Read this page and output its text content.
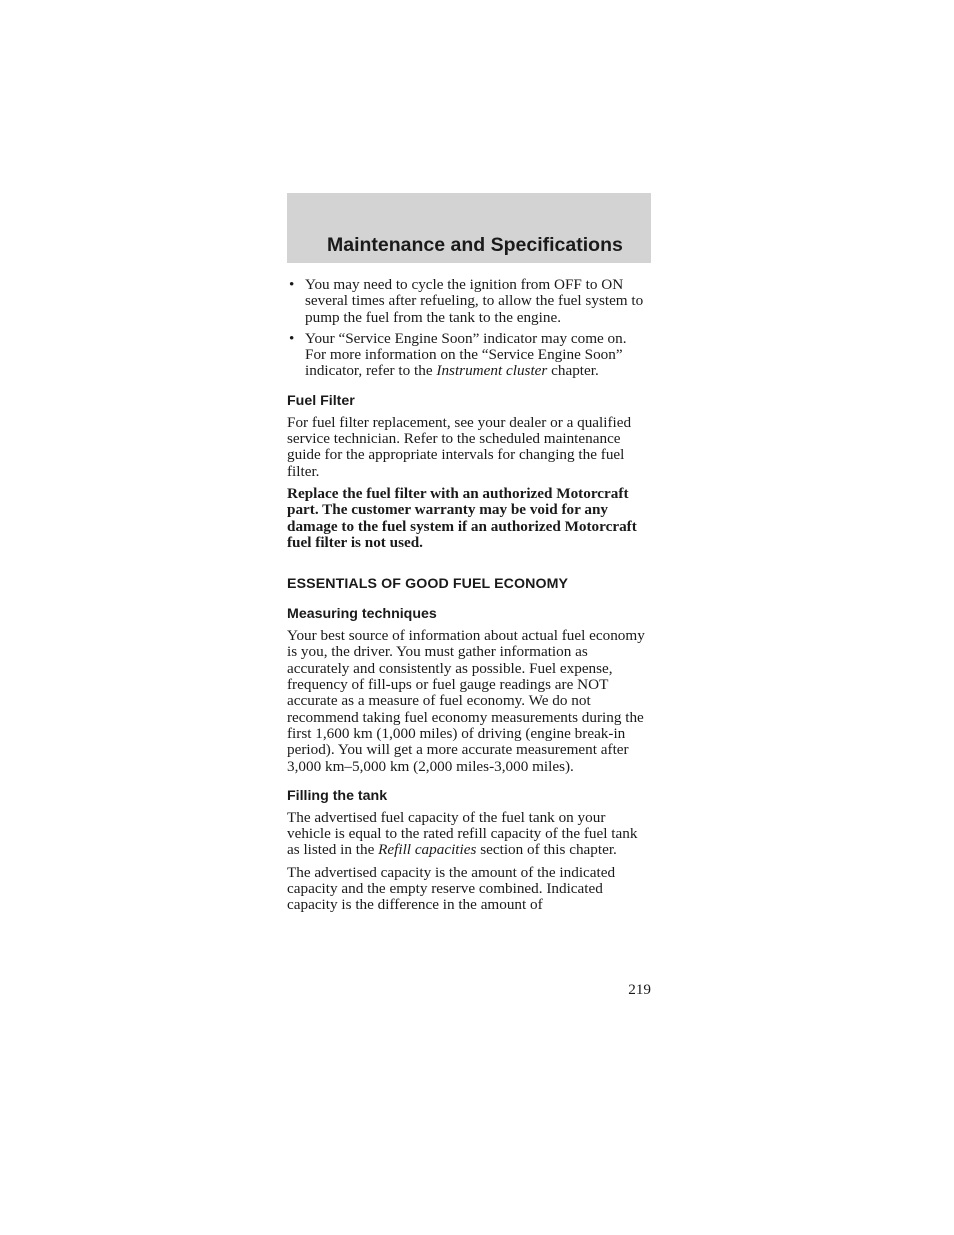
Maintenance and Specifications
• You may need to cycle the ignition from OFF to ON several times after refueling, to allow the fuel system to pump the fuel from the tank to the engine.
• Your “Service Engine Soon” indicator may come on. For more information on the “Service Engine Soon” indicator, refer to the Instrument cluster chapter.
Fuel Filter

For fuel filter replacement, see your dealer or a qualified service technician. Refer to the scheduled maintenance guide for the appropriate intervals for changing the fuel filter.

Replace the fuel filter with an authorized Motorcraft part. The customer warranty may be void for any damage to the fuel system if an authorized Motorcraft fuel filter is not used.

ESSENTIALS OF GOOD FUEL ECONOMY
Measuring techniques

Your best source of information about actual fuel economy is you, the driver. You must gather information as accurately and consistently as possible. Fuel expense, frequency of fill-ups or fuel gauge readings are NOT accurate as a measure of fuel economy. We do not recommend taking fuel economy measurements during the first 1,600 km (1,000 miles) of driving (engine break-in period). You will get a more accurate measurement after 3,000 km–5,000 km (2,000 miles-3,000 miles).

Filling the tank

The advertised fuel capacity of the fuel tank on your vehicle is equal to the rated refill capacity of the fuel tank as listed in the Refill capacities section of this chapter.

The advertised capacity is the amount of the indicated capacity and the empty reserve combined. Indicated capacity is the difference in the amount of

219
